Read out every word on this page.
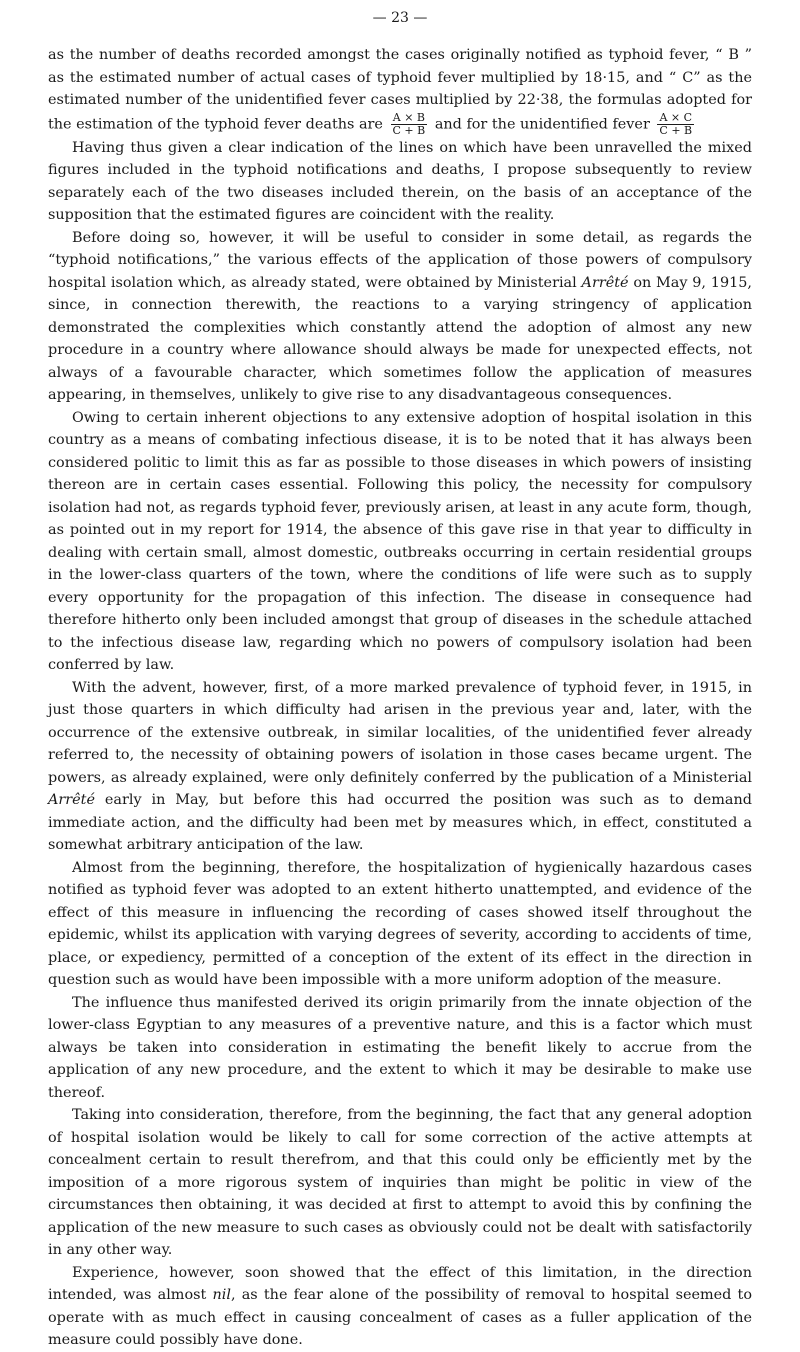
— 23 —

as the number of deaths recorded amongst the cases originally notified as typhoid fever, “ B ” as the estimated number of actual cases of typhoid fever multiplied by 18·15, and “ C” as the estimated number of the unidentified fever cases multiplied by 22·38, the formulas adopted for the estimation of the typhoid fever deaths are $\frac{A \times B}{C + B}$ and for the unidentified fever $\frac{A \times C}{C + B}$

Having thus given a clear indication of the lines on which have been unravelled the mixed figures included in the typhoid notifications and deaths, I propose subsequently to review separately each of the two diseases included therein, on the basis of an acceptance of the supposition that the estimated figures are coincident with the reality.

Before doing so, however, it will be useful to consider in some detail, as regards the “typhoid notifications,” the various effects of the application of those powers of compulsory hospital isolation which, as already stated, were obtained by Ministerial Arrêté on May 9, 1915, since, in connection therewith, the reactions to a varying stringency of application demonstrated the complexities which constantly attend the adoption of almost any new procedure in a country where allowance should always be made for unexpected effects, not always of a favourable character, which sometimes follow the application of measures appearing, in themselves, unlikely to give rise to any disadvantageous consequences.

Owing to certain inherent objections to any extensive adoption of hospital isolation in this country as a means of combating infectious disease, it is to be noted that it has always been considered politic to limit this as far as possible to those diseases in which powers of insisting thereon are in certain cases essential. Following this policy, the necessity for compulsory isolation had not, as regards typhoid fever, previously arisen, at least in any acute form, though, as pointed out in my report for 1914, the absence of this gave rise in that year to difficulty in dealing with certain small, almost domestic, outbreaks occurring in certain residential groups in the lower-class quarters of the town, where the conditions of life were such as to supply every opportunity for the propagation of this infection. The disease in consequence had therefore hitherto only been included amongst that group of diseases in the schedule attached to the infectious disease law, regarding which no powers of compulsory isolation had been conferred by law.

With the advent, however, first, of a more marked prevalence of typhoid fever, in 1915, in just those quarters in which difficulty had arisen in the previous year and, later, with the occurrence of the extensive outbreak, in similar localities, of the unidentified fever already referred to, the necessity of obtaining powers of isolation in those cases became urgent. The powers, as already explained, were only definitely conferred by the publication of a Ministerial Arrêté early in May, but before this had occurred the position was such as to demand immediate action, and the difficulty had been met by measures which, in effect, constituted a somewhat arbitrary anticipation of the law.

Almost from the beginning, therefore, the hospitalization of hygienically hazardous cases notified as typhoid fever was adopted to an extent hitherto unattempted, and evidence of the effect of this measure in influencing the recording of cases showed itself throughout the epidemic, whilst its application with varying degrees of severity, according to accidents of time, place, or expediency, permitted of a conception of the extent of its effect in the direction in question such as would have been impossible with a more uniform adoption of the measure.

The influence thus manifested derived its origin primarily from the innate objection of the lower-class Egyptian to any measures of a preventive nature, and this is a factor which must always be taken into consideration in estimating the benefit likely to accrue from the application of any new procedure, and the extent to which it may be desirable to make use thereof.

Taking into consideration, therefore, from the beginning, the fact that any general adoption of hospital isolation would be likely to call for some correction of the active attempts at concealment certain to result therefrom, and that this could only be efficiently met by the imposition of a more rigorous system of inquiries than might be politic in view of the circumstances then obtaining, it was decided at first to attempt to avoid this by confining the application of the new measure to such cases as obviously could not be dealt with satisfactorily in any other way.

Experience, however, soon showed that the effect of this limitation, in the direction intended, was almost nil, as the fear alone of the possibility of removal to hospital seemed to operate with as much effect in causing concealment of cases as a fuller application of the measure could possibly have done.
